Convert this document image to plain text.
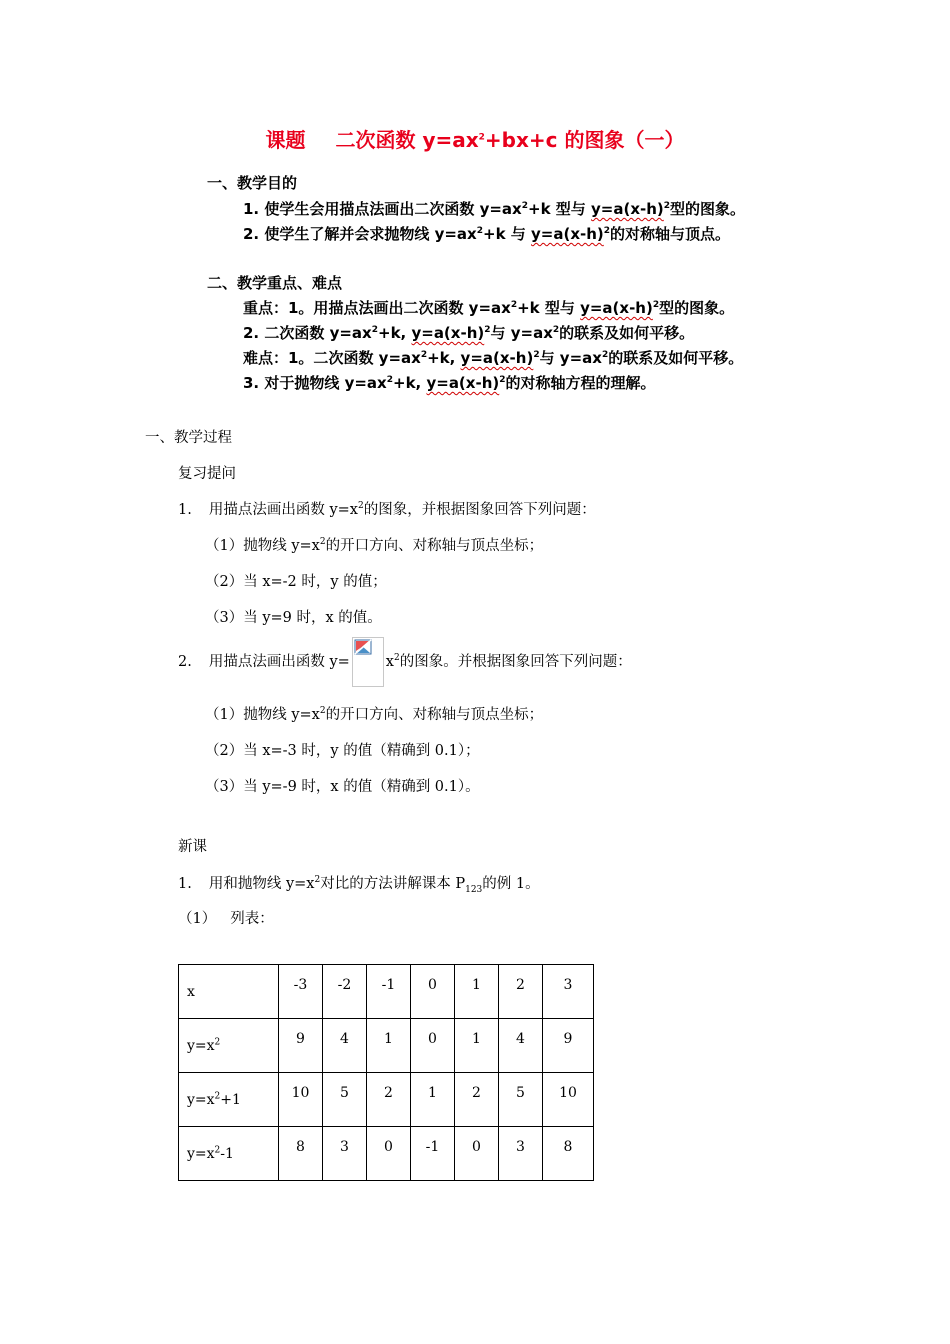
课题 二次函数 $y=ax^2+bx+c$ 的图象（一）
一、教学目的
1. 使学生会用描点法画出二次函数 $y=ax^2+k$ 型与 $y=a(x-h)^2$型的图象。
2. 使学生了解并会求抛物线 $y=ax^2+k$ 与 $y=a(x-h)^2$的对称轴与顶点。
二、教学重点、难点
重点：1。用描点法画出二次函数 $y=ax^2+k$ 型与 $y=a(x-h)^2$型的图象。
2. 二次函数 $y=ax^2+k$, $y=a(x-h)^2$与 $y=ax^2$的联系及如何平移。
难点：1。二次函数 $y=ax^2+k$, $y=a(x-h)^2$与 $y=ax^2$的联系及如何平移。
3. 对于抛物线 $y=ax^2+k$, $y=a(x-h)^2$的对称轴方程的理解。
一、教学过程
复习提问
1. 用描点法画出函数 $y=x^2$的图象，并根据图象回答下列问题：
（1）抛物线 $y=x^2$的开口方向、对称轴与顶点坐标；
（2）当 x=-2 时，y 的值；
（3）当 y=9 时，x 的值。
2. 用描点法画出函数 $y= x^2$的图象。并根据图象回答下列问题：
（1）抛物线 $y=x^2$的开口方向、对称轴与顶点坐标；
（2）当 x=-3 时，y 的值（精确到 0.1）；
（3）当 y=-9 时，x 的值（精确到 0.1）。
新课
1. 用和抛物线 $y=x^2$对比的方法讲解课本 $P_{123}$的例 1。
（1） 列表：
x	-3	-2	-1	0	1	2	3
$y=x^2$	9	4	1	0	1	4	9
$y=x^2+1$	10	5	2	1	2	5	10
$y=x^2-1$	8	3	0	-1	0	3	8
